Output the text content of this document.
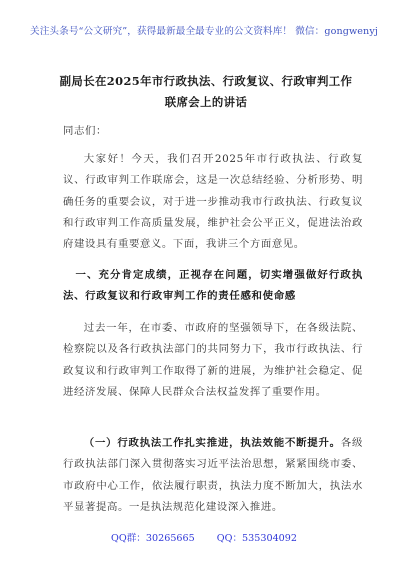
关注头条号“公文研究”，获得最新最全最专业的公文资料库！ 微信：gongwenyj
副局长在2025年市行政执法、行政复议、行政审判工作联席会上的讲话
同志们：
大家好！今天，我们召开2025年市行政执法、行政复议、行政审判工作联席会，这是一次总结经验、分析形势、明确任务的重要会议，对于进一步推动我市行政执法、行政复议和行政审判工作高质量发展，维护社会公平正义，促进法治政府建设具有重要意义。下面，我讲三个方面意见。
一、充分肯定成绩，正视存在问题，切实增强做好行政执法、行政复议和行政审判工作的责任感和使命感
过去一年，在市委、市政府的坚强领导下，在各级法院、检察院以及各行政执法部门的共同努力下，我市行政执法、行政复议和行政审判工作取得了新的进展，为维护社会稳定、促进经济发展、保障人民群众合法权益发挥了重要作用。
（一）行政执法工作扎实推进，执法效能不断提升。各级行政执法部门深入贯彻落实习近平法治思想，紧紧围绕市委、市政府中心工作，依法履行职责，执法力度不断加大，执法水平显著提高。一是执法规范化建设深入推进。
QQ群：30265665 QQ：535304092
